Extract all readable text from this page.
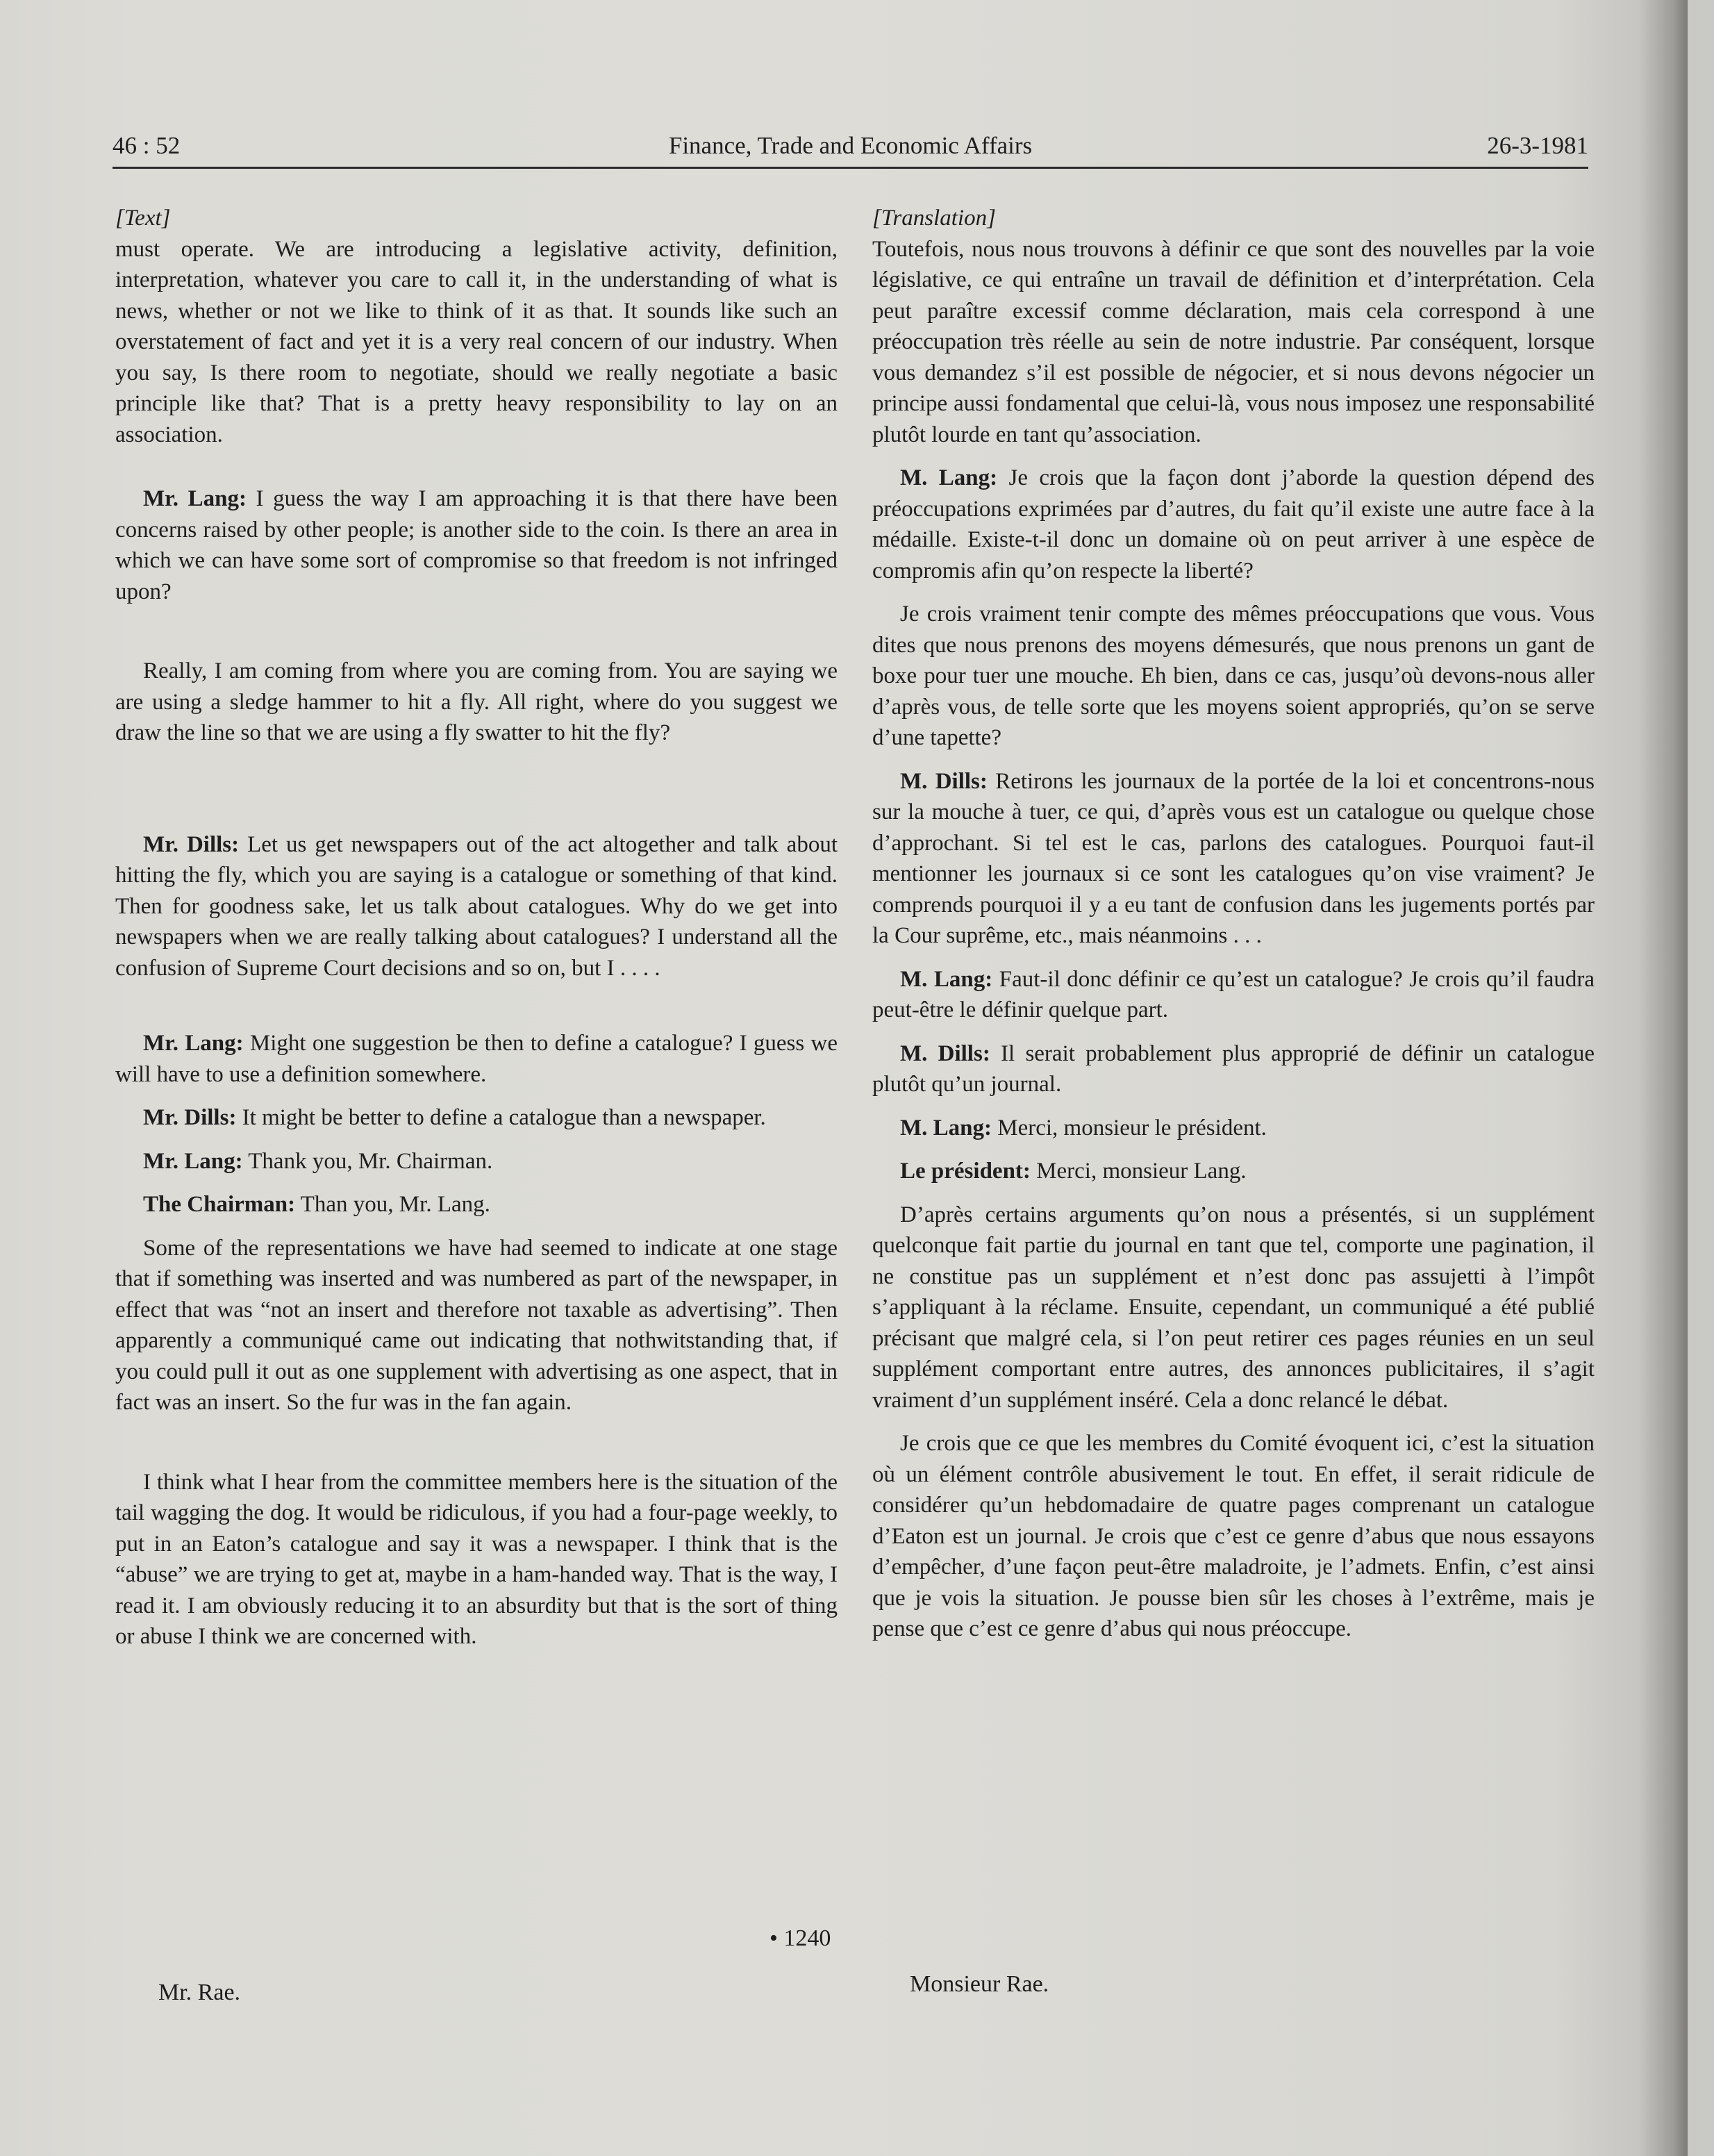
46 : 52	Finance, Trade and Economic Affairs	26-3-1981

[Text]

must operate. We are introducing a legislative activity, definition, interpretation, whatever you care to call it, in the understanding of what is news, whether or not we like to think of it as that. It sounds like such an overstatement of fact and yet it is a very real concern of our industry. When you say, Is there room to negotiate, should we really negotiate a basic principle like that? That is a pretty heavy responsibility to lay on an association.

Mr. Lang: I guess the way I am approaching it is that there have been concerns raised by other people; is another side to the coin. Is there an area in which we can have some sort of compromise so that freedom is not infringed upon?

Really, I am coming from where you are coming from. You are saying we are using a sledge hammer to hit a fly. All right, where do you suggest we draw the line so that we are using a fly swatter to hit the fly?

Mr. Dills: Let us get newspapers out of the act altogether and talk about hitting the fly, which you are saying is a catalogue or something of that kind. Then for goodness sake, let us talk about catalogues. Why do we get into newspapers when we are really talking about catalogues? I understand all the confusion of Supreme Court decisions and so on, but I . . . .

Mr. Lang: Might one suggestion be then to define a catalogue? I guess we will have to use a definition somewhere.

Mr. Dills: It might be better to define a catalogue than a newspaper.

Mr. Lang: Thank you, Mr. Chairman.

The Chairman: Than you, Mr. Lang.

Some of the representations we have had seemed to indicate at one stage that if something was inserted and was numbered as part of the newspaper, in effect that was “not an insert and therefore not taxable as advertising”. Then apparently a communiqué came out indicating that nothwitstanding that, if you could pull it out as one supplement with advertising as one aspect, that in fact was an insert. So the fur was in the fan again.

I think what I hear from the committee members here is the situation of the tail wagging the dog. It would be ridiculous, if you had a four-page weekly, to put in an Eaton’s catalogue and say it was a newspaper. I think that is the “abuse” we are trying to get at, maybe in a ham-handed way. That is the way, I read it. I am obviously reducing it to an absurdity but that is the sort of thing or abuse I think we are concerned with.

• 1240
Mr. Rae.

[Translation]

Toutefois, nous nous trouvons à définir ce que sont des nouvelles par la voie législative, ce qui entraîne un travail de définition et d’interprétation. Cela peut paraître excessif comme déclaration, mais cela correspond à une préoccupation très réelle au sein de notre industrie. Par conséquent, lorsque vous demandez s’il est possible de négocier, et si nous devons négocier un principe aussi fondamental que celui-là, vous nous imposez une responsabilité plutôt lourde en tant qu’association.

M. Lang: Je crois que la façon dont j’aborde la question dépend des préoccupations exprimées par d’autres, du fait qu’il existe une autre face à la médaille. Existe-t-il donc un domaine où on peut arriver à une espèce de compromis afin qu’on respecte la liberté?

Je crois vraiment tenir compte des mêmes préoccupations que vous. Vous dites que nous prenons des moyens démesurés, que nous prenons un gant de boxe pour tuer une mouche. Eh bien, dans ce cas, jusqu’où devons-nous aller d’après vous, de telle sorte que les moyens soient appropriés, qu’on se serve d’une tapette?

M. Dills: Retirons les journaux de la portée de la loi et concentrons-nous sur la mouche à tuer, ce qui, d’après vous est un catalogue ou quelque chose d’approchant. Si tel est le cas, parlons des catalogues. Pourquoi faut-il mentionner les journaux si ce sont les catalogues qu’on vise vraiment? Je comprends pourquoi il y a eu tant de confusion dans les jugements portés par la Cour suprême, etc., mais néanmoins . . .

M. Lang: Faut-il donc définir ce qu’est un catalogue? Je crois qu’il faudra peut-être le définir quelque part.

M. Dills: Il serait probablement plus approprié de définir un catalogue plutôt qu’un journal.

M. Lang: Merci, monsieur le président.

Le président: Merci, monsieur Lang.

D’après certains arguments qu’on nous a présentés, si un supplément quelconque fait partie du journal en tant que tel, comporte une pagination, il ne constitue pas un supplément et n’est donc pas assujetti à l’impôt s’appliquant à la réclame. Ensuite, cependant, un communiqué a été publié précisant que malgré cela, si l’on peut retirer ces pages réunies en un seul supplément comportant entre autres, des annonces publicitaires, il s’agit vraiment d’un supplément inséré. Cela a donc relancé le débat.

Je crois que ce que les membres du Comité évoquent ici, c’est la situation où un élément contrôle abusivement le tout. En effet, il serait ridicule de considérer qu’un hebdomadaire de quatre pages comprenant un catalogue d’Eaton est un journal. Je crois que c’est ce genre d’abus que nous essayons d’empêcher, d’une façon peut-être maladroite, je l’admets. Enfin, c’est ainsi que je vois la situation. Je pousse bien sûr les choses à l’extrême, mais je pense que c’est ce genre d’abus qui nous préoccupe.

Monsieur Rae.
